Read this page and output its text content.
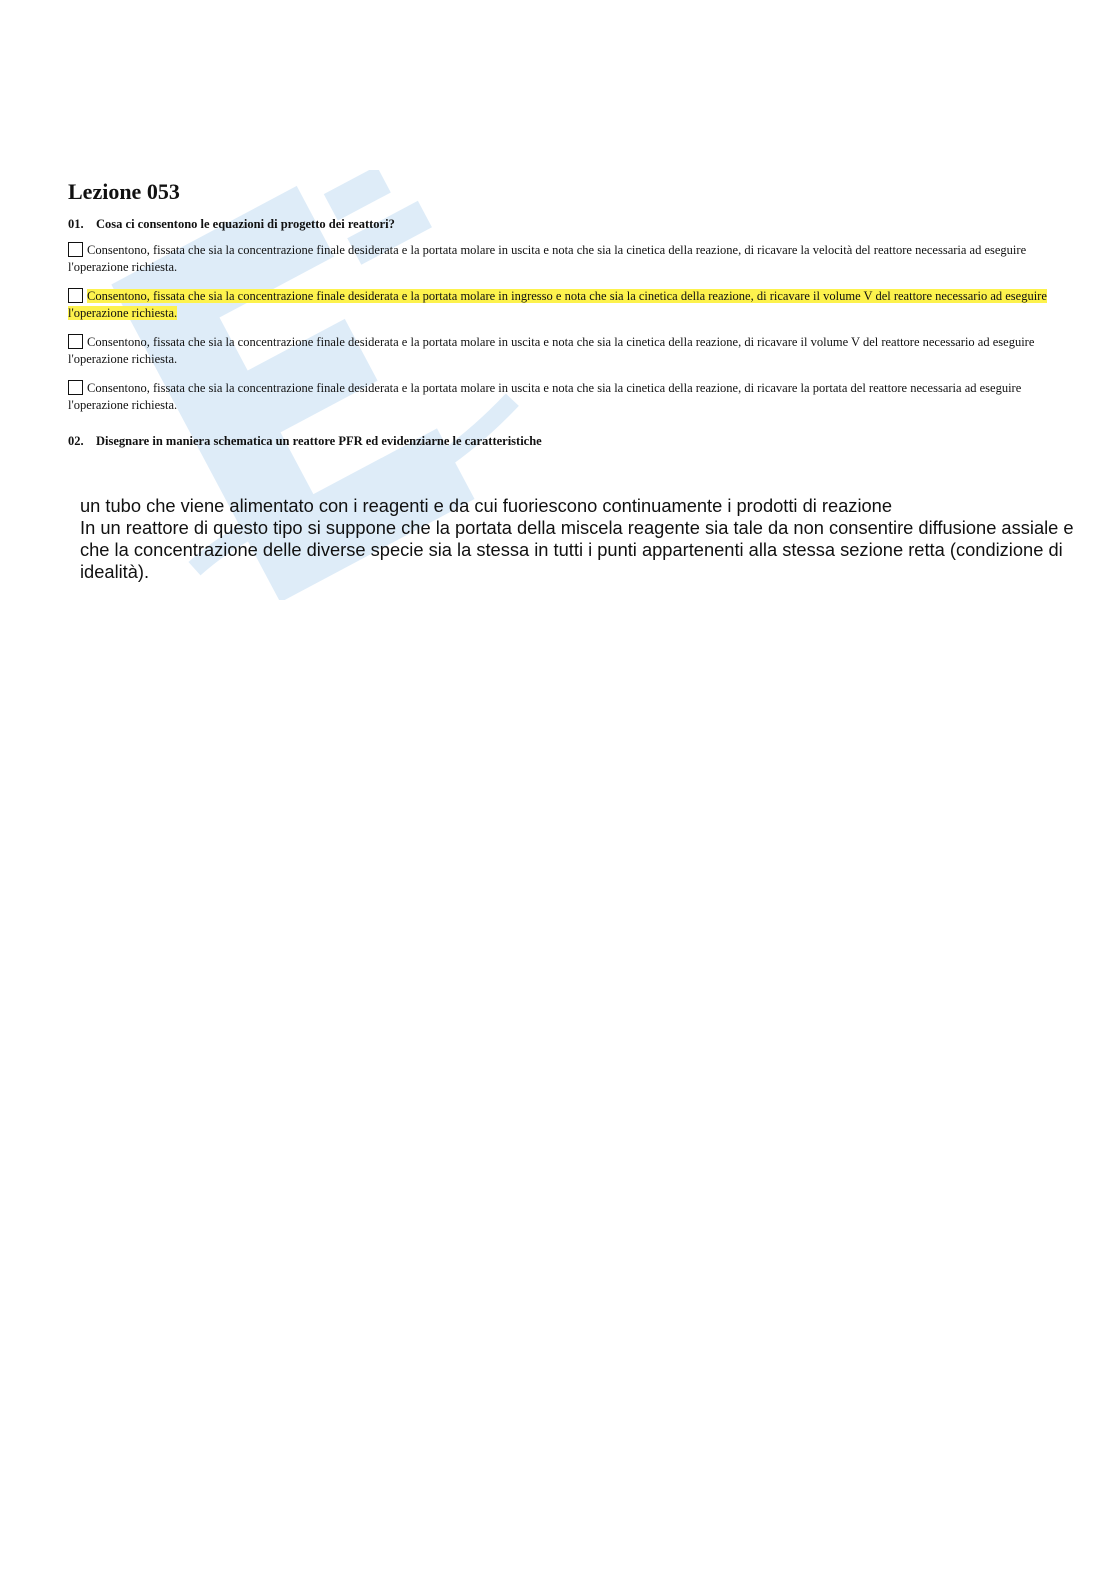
Lezione 053
01. Cosa ci consentono le equazioni di progetto dei reattori?
Consentono, fissata che sia la concentrazione finale desiderata e la portata molare in uscita e nota che sia la cinetica della reazione, di ricavare la velocità del reattore necessaria ad eseguire l'operazione richiesta.
Consentono, fissata che sia la concentrazione finale desiderata e la portata molare in ingresso e nota che sia la cinetica della reazione, di ricavare il volume V del reattore necessario ad eseguire l'operazione richiesta.
Consentono, fissata che sia la concentrazione finale desiderata e la portata molare in uscita e nota che sia la cinetica della reazione, di ricavare il volume V del reattore necessario ad eseguire l'operazione richiesta.
Consentono, fissata che sia la concentrazione finale desiderata e la portata molare in uscita e nota che sia la cinetica della reazione, di ricavare la portata del reattore necessaria ad eseguire l'operazione richiesta.
02. Disegnare in maniera schematica un reattore PFR ed evidenziarne le caratteristiche

un tubo che viene alimentato con i reagenti e da cui fuoriescono continuamente i prodotti di reazione

In un reattore di questo tipo si suppone che la portata della miscela reagente sia tale da non consentire diffusione assiale e che la concentrazione delle diverse specie sia la stessa in tutti i punti appartenenti alla stessa sezione retta (condizione di idealità).
